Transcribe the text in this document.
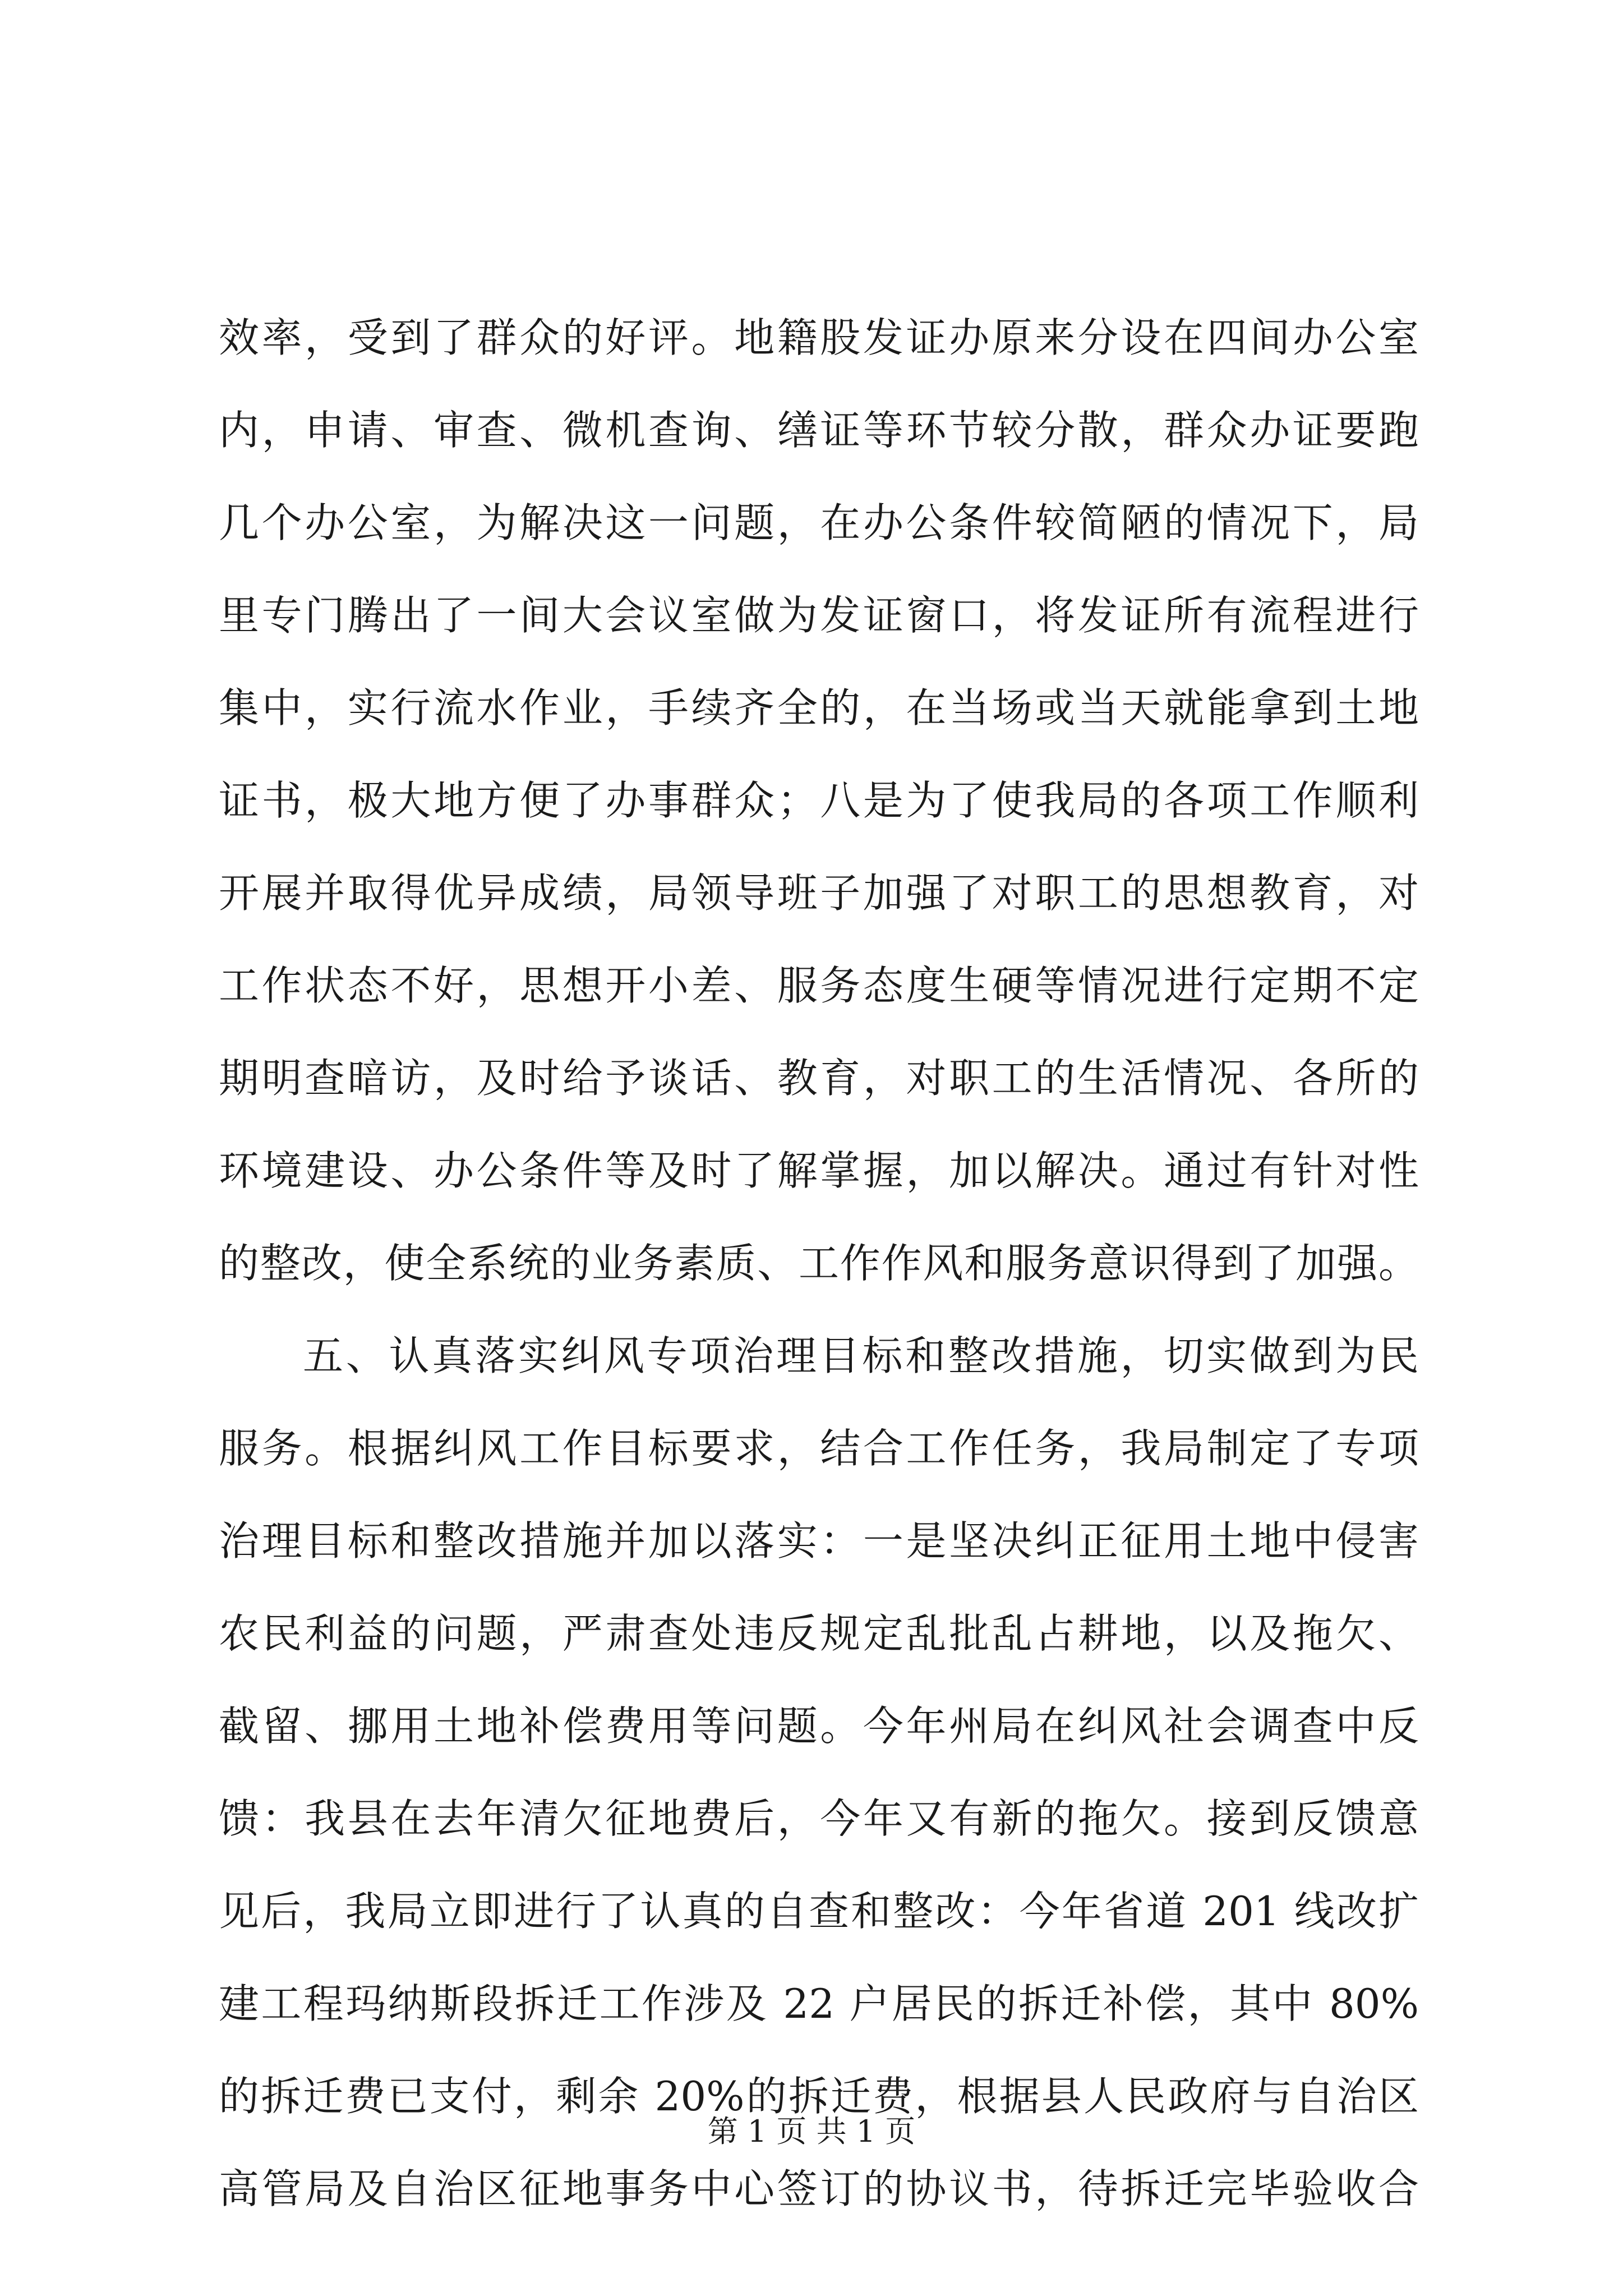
效率，受到了群众的好评。地籍股发证办原来分设在四间办公室
内，申请、审查、微机查询、缮证等环节较分散，群众办证要跑
几个办公室，为解决这一问题，在办公条件较简陋的情况下，局
里专门腾出了一间大会议室做为发证窗口，将发证所有流程进行
集中，实行流水作业，手续齐全的，在当场或当天就能拿到土地
证书，极大地方便了办事群众；八是为了使我局的各项工作顺利
开展并取得优异成绩，局领导班子加强了对职工的思想教育，对
工作状态不好，思想开小差、服务态度生硬等情况进行定期不定
期明查暗访，及时给予谈话、教育，对职工的生活情况、各所的
环境建设、办公条件等及时了解掌握，加以解决。通过有针对性
的整改，使全系统的业务素质、工作作风和服务意识得到了加强。
五、认真落实纠风专项治理目标和整改措施，切实做到为民
服务。根据纠风工作目标要求，结合工作任务，我局制定了专项
治理目标和整改措施并加以落实：一是坚决纠正征用土地中侵害
农民利益的问题，严肃查处违反规定乱批乱占耕地，以及拖欠、
截留、挪用土地补偿费用等问题。今年州局在纠风社会调查中反
馈：我县在去年清欠征地费后，今年又有新的拖欠。接到反馈意
见后，我局立即进行了认真的自查和整改：今年省道 201 线改扩
建工程玛纳斯段拆迁工作涉及 22 户居民的拆迁补偿，其中 80%
的拆迁费已支付，剩余 20%的拆迁费，根据县人民政府与自治区
高管局及自治区征地事务中心签订的协议书，待拆迁完毕验收合
第 1 页 共 1 页
